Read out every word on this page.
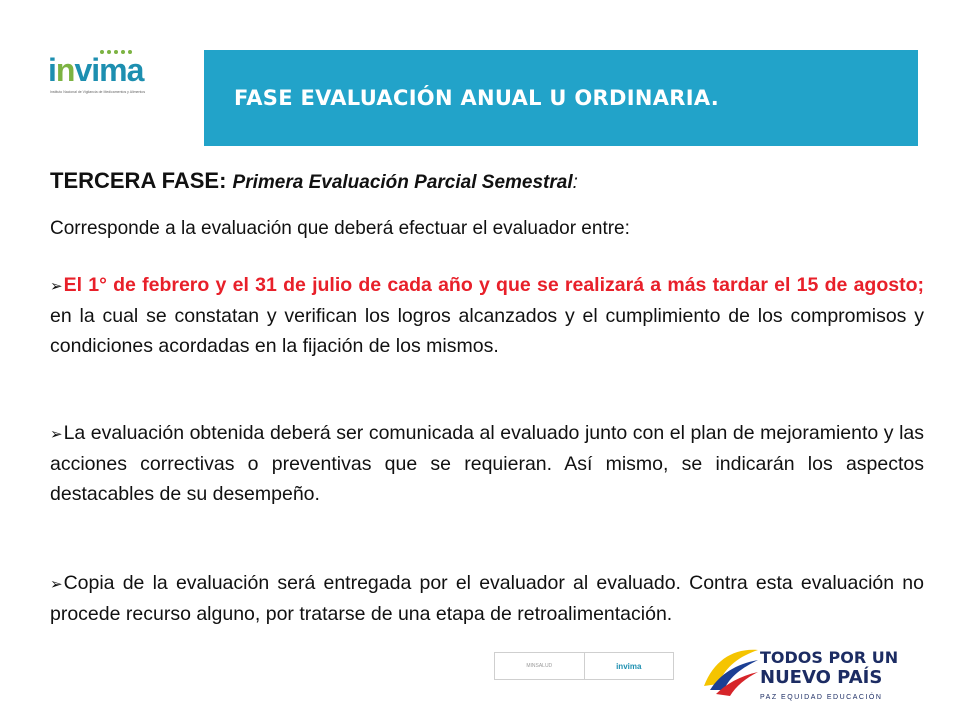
invima
Instituto Nacional de Vigilancia de Medicamentos y Alimentos	FASE EVALUACIÓN ANUAL U ORDINARIA.
TERCERA FASE: Primera Evaluación Parcial Semestral:
Corresponde a la evaluación que deberá efectuar el evaluador entre:
➢El 1° de febrero y el 31 de julio de cada año y que se realizará a más tardar el 15 de agosto; en la cual se constatan y verifican los logros alcanzados y el cumplimiento de los compromisos y condiciones acordadas en la fijación de los mismos.
➢La evaluación obtenida deberá ser comunicada al evaluado junto con el plan de mejoramiento y las acciones correctivas o preventivas que se requieran. Así mismo, se indicarán los aspectos destacables de su desempeño.
➢Copia de la evaluación será entregada por el evaluador al evaluado. Contra esta evaluación no procede recurso alguno, por tratarse de una etapa de retroalimentación.
MINSALUD	invima	TODOS POR UN
NUEVO PAÍS
PAZ EQUIDAD EDUCACIÓN
